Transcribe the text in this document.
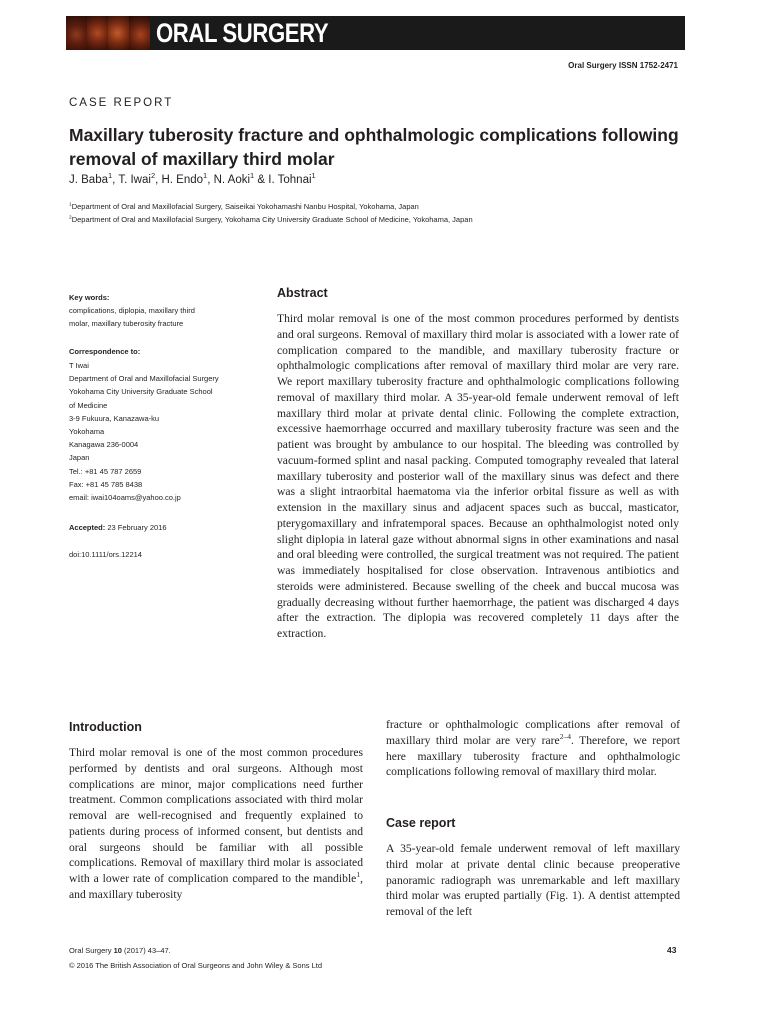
ORAL SURGERY
Oral Surgery ISSN 1752-2471
CASE REPORT
Maxillary tuberosity fracture and ophthalmologic complications following removal of maxillary third molar
J. Baba$^1$, T. Iwai$^2$, H. Endo$^1$, N. Aoki$^1$ & I. Tohnai$^1$
$^1$Department of Oral and Maxillofacial Surgery, Saiseikai Yokohamashi Nanbu Hospital, Yokohama, Japan
$^2$Department of Oral and Maxillofacial Surgery, Yokohama City University Graduate School of Medicine, Yokohama, Japan
Key words:
complications, diplopia, maxillary third
molar, maxillary tuberosity fracture
Correspondence to:
T Iwai
Department of Oral and Maxillofacial Surgery
Yokohama City University Graduate School
of Medicine
3-9 Fukuura, Kanazawa-ku
Yokohama
Kanagawa 236-0004
Japan
Tel.: +81 45 787 2659
Fax: +81 45 785 8438
email: iwai104oams@yahoo.co.jp
Accepted: 23 February 2016
doi:10.1111/ors.12214
Abstract
Third molar removal is one of the most common procedures performed by dentists and oral surgeons. Removal of maxillary third molar is associated with a lower rate of complication compared to the mandible, and maxillary tuberosity fracture or ophthalmologic complications after removal of maxillary third molar are very rare. We report maxillary tuberosity fracture and ophthalmologic complications following removal of maxillary third molar. A 35-year-old female underwent removal of left maxillary third molar at private dental clinic. Following the complete extraction, excessive haemorrhage occurred and maxillary tuberosity fracture was seen and the patient was brought by ambulance to our hospital. The bleeding was controlled by vacuum-formed splint and nasal packing. Computed tomography revealed that lateral maxillary tuberosity and posterior wall of the maxillary sinus was defect and there was a slight intraorbital haematoma via the inferior orbital fissure as well as with extension in the maxillary sinus and adjacent spaces such as buccal, masticator, pterygomaxillary and infratemporal spaces. Because an ophthalmologist noted only slight diplopia in lateral gaze without abnormal signs in other examinations and nasal and oral bleeding were controlled, the surgical treatment was not required. The patient was immediately hospitalised for close observation. Intravenous antibiotics and steroids were administered. Because swelling of the cheek and buccal mucosa was gradually decreasing without further haemorrhage, the patient was discharged 4 days after the extraction. The diplopia was recovered completely 11 days after the extraction.
Introduction
Third molar removal is one of the most common procedures performed by dentists and oral surgeons. Although most complications are minor, major complications need further treatment. Common complications associated with third molar removal are well-recognised and frequently explained to patients during process of informed consent, but dentists and oral surgeons should be familiar with all possible complications. Removal of maxillary third molar is associated with a lower rate of complication compared to the mandible$^1$, and maxillary tuberosity
fracture or ophthalmologic complications after removal of maxillary third molar are very rare$^{2-4}$. Therefore, we report here maxillary tuberosity fracture and ophthalmologic complications following removal of maxillary third molar.
Case report
A 35-year-old female underwent removal of left maxillary third molar at private dental clinic because preoperative panoramic radiograph was unremarkable and left maxillary third molar was erupted partially (Fig. 1). A dentist attempted removal of the left
Oral Surgery 10 (2017) 43–47.
© 2016 The British Association of Oral Surgeons and John Wiley & Sons Ltd
43
